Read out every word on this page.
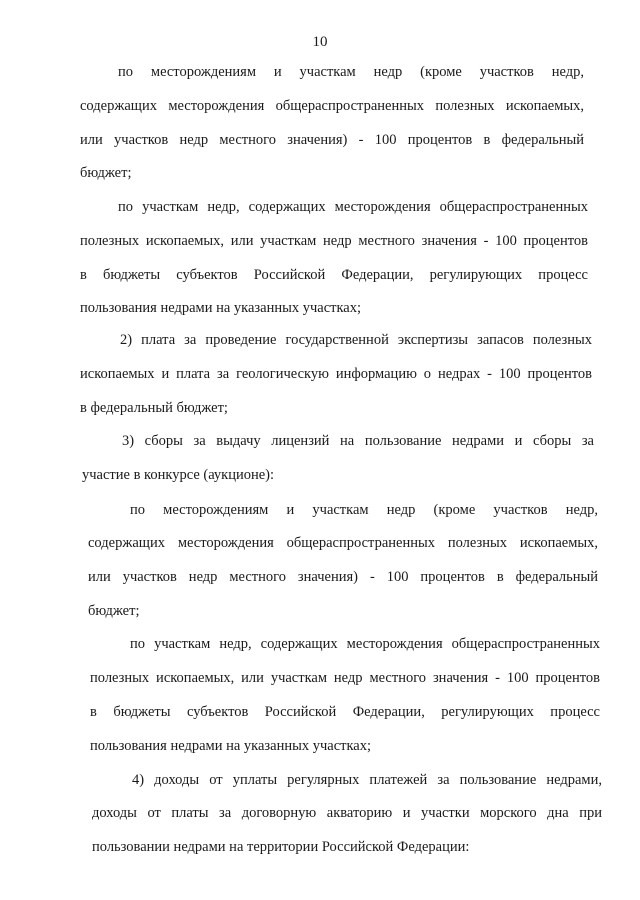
10

по месторождениям и участкам недр (кроме участков недр,

содержащих месторождения общераспространенных полезных ископаемых,

или участков недр местного значения) - 100 процентов в федеральный

бюджет;

по участкам недр, содержащих месторождения общераспространенных

полезных ископаемых, или участкам недр местного значения - 100 процентов

в бюджеты субъектов Российской Федерации, регулирующих процесс

пользования недрами на указанных участках;

2) плата за проведение государственной экспертизы запасов полезных

ископаемых и плата за геологическую информацию о недрах - 100 процентов

в федеральный бюджет;

3) сборы за выдачу лицензий на пользование недрами и сборы за

участие в конкурсе (аукционе):

по месторождениям и участкам недр (кроме участков недр,

содержащих месторождения общераспространенных полезных ископаемых,

или участков недр местного значения) - 100 процентов в федеральный

бюджет;

по участкам недр, содержащих месторождения общераспространенных

полезных ископаемых, или участкам недр местного значения - 100 процентов

в бюджеты субъектов Российской Федерации, регулирующих процесс

пользования недрами на указанных участках;

4) доходы от уплаты регулярных платежей за пользование недрами,

доходы от платы за договорную акваторию и участки морского дна при

пользовании недрами на территории Российской Федерации:
